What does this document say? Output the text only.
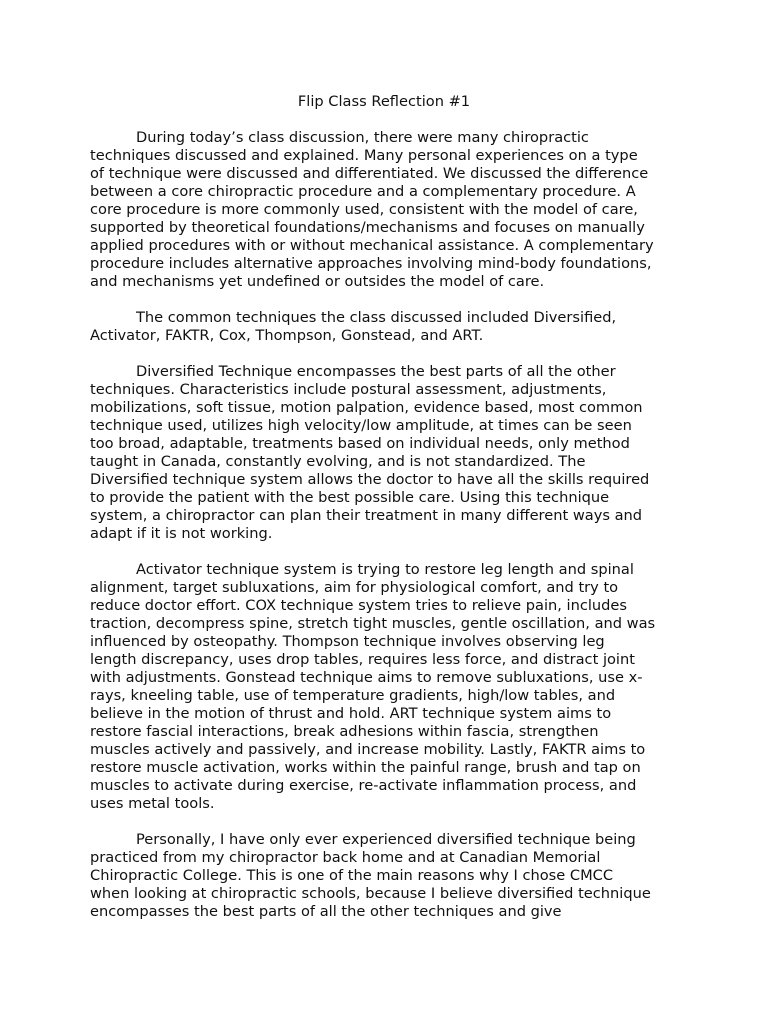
Flip Class Reflection #1

During today’s class discussion, there were many chiropractic
techniques discussed and explained. Many personal experiences on a type
of technique were discussed and differentiated. We discussed the difference
between a core chiropractic procedure and a complementary procedure. A
core procedure is more commonly used, consistent with the model of care,
supported by theoretical foundations/mechanisms and focuses on manually
applied procedures with or without mechanical assistance. A complementary
procedure includes alternative approaches involving mind-body foundations,
and mechanisms yet undefined or outsides the model of care.

The common techniques the class discussed included Diversified,
Activator, FAKTR, Cox, Thompson, Gonstead, and ART.

Diversified Technique encompasses the best parts of all the other
techniques. Characteristics include postural assessment, adjustments,
mobilizations, soft tissue, motion palpation, evidence based, most common
technique used, utilizes high velocity/low amplitude, at times can be seen
too broad, adaptable, treatments based on individual needs, only method
taught in Canada, constantly evolving, and is not standardized. The
Diversified technique system allows the doctor to have all the skills required
to provide the patient with the best possible care. Using this technique
system, a chiropractor can plan their treatment in many different ways and
adapt if it is not working.

Activator technique system is trying to restore leg length and spinal
alignment, target subluxations, aim for physiological comfort, and try to
reduce doctor effort. COX technique system tries to relieve pain, includes
traction, decompress spine, stretch tight muscles, gentle oscillation, and was
influenced by osteopathy. Thompson technique involves observing leg
length discrepancy, uses drop tables, requires less force, and distract joint
with adjustments. Gonstead technique aims to remove subluxations, use x-
rays, kneeling table, use of temperature gradients, high/low tables, and
believe in the motion of thrust and hold. ART technique system aims to
restore fascial interactions, break adhesions within fascia, strengthen
muscles actively and passively, and increase mobility. Lastly, FAKTR aims to
restore muscle activation, works within the painful range, brush and tap on
muscles to activate during exercise, re-activate inflammation process, and
uses metal tools.

Personally, I have only ever experienced diversified technique being
practiced from my chiropractor back home and at Canadian Memorial
Chiropractic College. This is one of the main reasons why I chose CMCC
when looking at chiropractic schools, because I believe diversified technique
encompasses the best parts of all the other techniques and give
